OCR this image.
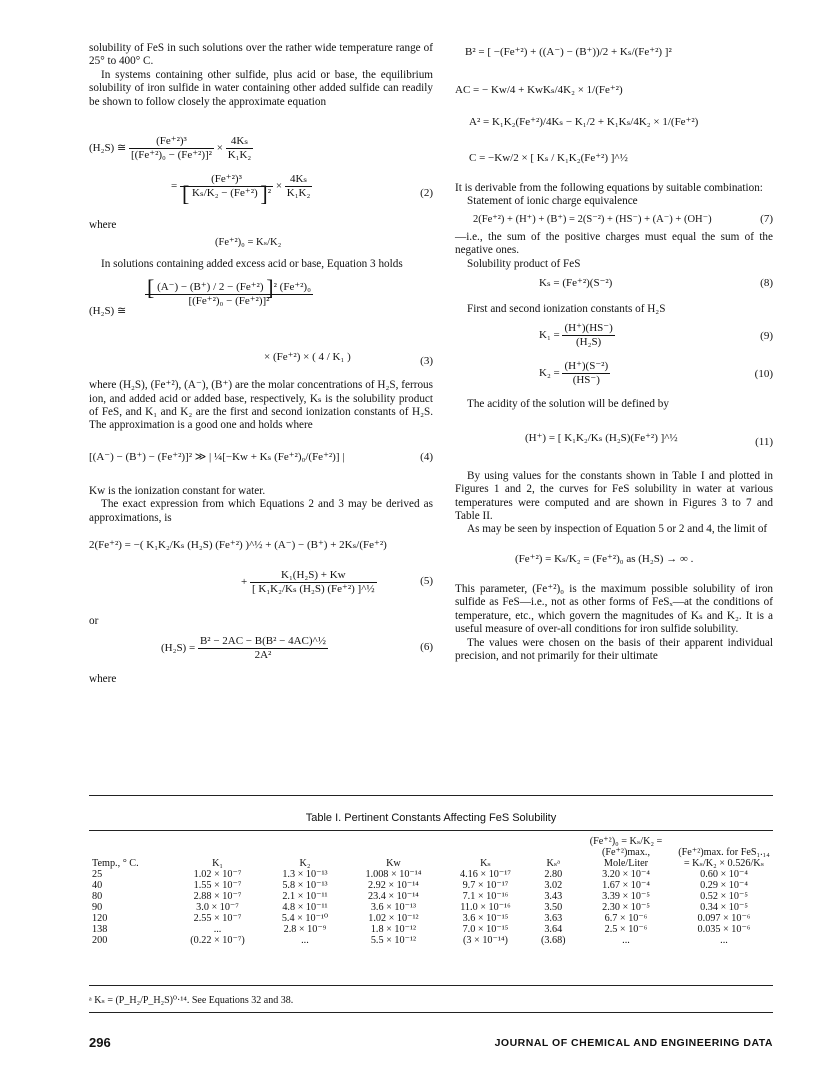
solubility of FeS in such solutions over the rather wide temperature range of 25° to 400° C.

In systems containing other sulfide, plus acid or base, the equilibrium solubility of iron sulfide in water containing other added sulfide can readily be shown to follow closely the approximate equation

(H₂S) ≅ $\frac{\text{(Fe⁺²)³}}{\text{[(Fe⁺²)₀ − (Fe⁺²)]²}} \times \frac{\text{4Kₛ}}{\text{K₁K₂}}$
= $\frac{\text{(Fe⁺²)³}}{\text{[ Kₛ/K₂ − (Fe⁺²) ]²}} \times \frac{\text{4Kₛ}}{\text{K₁K₂}}$	(2)

where

(Fe⁺²)₀ = Kₛ/K₂

In solutions containing added excess acid or base, Equation 3 holds

(H₂S) ≅
$\frac{\text{[ (A⁻) − (B⁺) / 2 − (Fe⁺²) ]² (Fe⁺²)₀}}{\text{[(Fe⁺²)₀ − (Fe⁺²)]²}}$
× (Fe⁺²) × ( 4 / K₁ )	(3)

where (H₂S), (Fe⁺²), (A⁻), (B⁺) are the molar concentrations of H₂S, ferrous ion, and added acid or added base, respectively, Kₛ is the solubility product of FeS, and K₁ and K₂ are the first and second ionization constants of H₂S. The approximation is a good one and holds where

[(A⁻) − (B⁺) − (Fe⁺²)]² ≫ | ¼[−Kw + Kₛ (Fe⁺²)₀/(Fe⁺²)] |	(4)

Kw is the ionization constant for water.

The exact expression from which Equations 2 and 3 may be derived as approximations, is

2(Fe⁺²) = −( K₁K₂/Kₛ (H₂S) (Fe⁺²) )^½ + (A⁻) − (B⁺) + 2Kₛ/(Fe⁺²)
+ $\frac{\text{K₁(H₂S) + Kw}}{\text{[ K₁K₂/Kₛ (H₂S) (Fe⁺²) ]\textasciicircum{}½}}$	(5)

or

$(H_2S) = \frac{\text{B² − 2AC − B(B² − 4AC)\textasciicircum{}½}}{\text{2A²}}$	(6)

where

B² = [ −(Fe⁺²) + ((A⁻) − (B⁺))/2 + Kₛ/(Fe⁺²) ]²
AC = − Kw/4 + KwKₛ/4K₂ × 1/(Fe⁺²)
A² = K₁K₂(Fe⁺²)/4Kₛ − K₁/2 + K₁Kₛ/4K₂ × 1/(Fe⁺²)
C = −Kw/2 × [ Kₛ / K₁K₂(Fe⁺²) ]^½

It is derivable from the following equations by suitable combination:

Statement of ionic charge equivalence

2(Fe⁺²) + (H⁺) + (B⁺) = 2(S⁻²) + (HS⁻) + (A⁻) + (OH⁻)	(7)

—i.e., the sum of the positive charges must equal the sum of the negative ones.

Solubility product of FeS

Kₛ = (Fe⁺²)(S⁻²)	(8)

First and second ionization constants of H₂S

$K_1 = \frac{(H^+)(HS^-)}{\text{(H₂S)}}$	(9)
$K_2 = \frac{\text{(H⁺)(S⁻²)}}{(HS^-)}$	(10)

The acidity of the solution will be defined by

(H⁺) = [ K₁K₂/Kₛ (H₂S)(Fe⁺²) ]^½	(11)

By using values for the constants shown in Table I and plotted in Figures 1 and 2, the curves for FeS solubility in water at various temperatures were computed and are shown in Figures 3 to 7 and Table II.

As may be seen by inspection of Equation 5 or 2 and 4, the limit of

(Fe⁺²) = Kₛ/K₂ = (Fe⁺²)₀ as (H₂S) → ∞ .

This parameter, (Fe⁺²)₀ is the maximum possible solubility of iron sulfide as FeS—i.e., not as other forms of FeSₓ—at the conditions of temperature, etc., which govern the magnitudes of Kₛ and K₂. It is a useful measure of over-all conditions for iron sulfide solubility.

The values were chosen on the basis of their apparent individual precision, and not primarily for their ultimate

Table I. Pertinent Constants Affecting FeS Solubility
Temp., ° C.	K₁	K₂	Kw	Kₛ	Kₛᵃ	(Fe⁺²)₀ = Kₛ/K₂ = (Fe⁺²)max., Mole/Liter	(Fe⁺²)max. for FeS₁.₁₄ = Kₛ/K₂ × 0.526/Kₛ
25	1.02 × 10⁻⁷	1.3 × 10⁻¹³	1.008 × 10⁻¹⁴	4.16 × 10⁻¹⁷	2.80	3.20 × 10⁻⁴	0.60 × 10⁻⁴
40	1.55 × 10⁻⁷	5.8 × 10⁻¹³	2.92 × 10⁻¹⁴	9.7 × 10⁻¹⁷	3.02	1.67 × 10⁻⁴	0.29 × 10⁻⁴
80	2.88 × 10⁻⁷	2.1 × 10⁻¹¹	23.4 × 10⁻¹⁴	7.1 × 10⁻¹⁶	3.43	3.39 × 10⁻⁵	0.52 × 10⁻⁵
90	3.0 × 10⁻⁷	4.8 × 10⁻¹¹	3.6 × 10⁻¹³	11.0 × 10⁻¹⁶	3.50	2.30 × 10⁻⁵	0.34 × 10⁻⁵
120	2.55 × 10⁻⁷	5.4 × 10⁻¹⁰	1.02 × 10⁻¹²	3.6 × 10⁻¹⁵	3.63	6.7 × 10⁻⁶	0.097 × 10⁻⁶
138	...	2.8 × 10⁻⁹	1.8 × 10⁻¹²	7.0 × 10⁻¹⁵	3.64	2.5 × 10⁻⁶	0.035 × 10⁻⁶
200	(0.22 × 10⁻⁷)	...	5.5 × 10⁻¹²	(3 × 10⁻¹⁴)	(3.68)	...	...
ᵃ Kₛ = (P_H₂/P_H₂S)⁰·¹⁴. See Equations 32 and 38.
296	JOURNAL OF CHEMICAL AND ENGINEERING DATA
